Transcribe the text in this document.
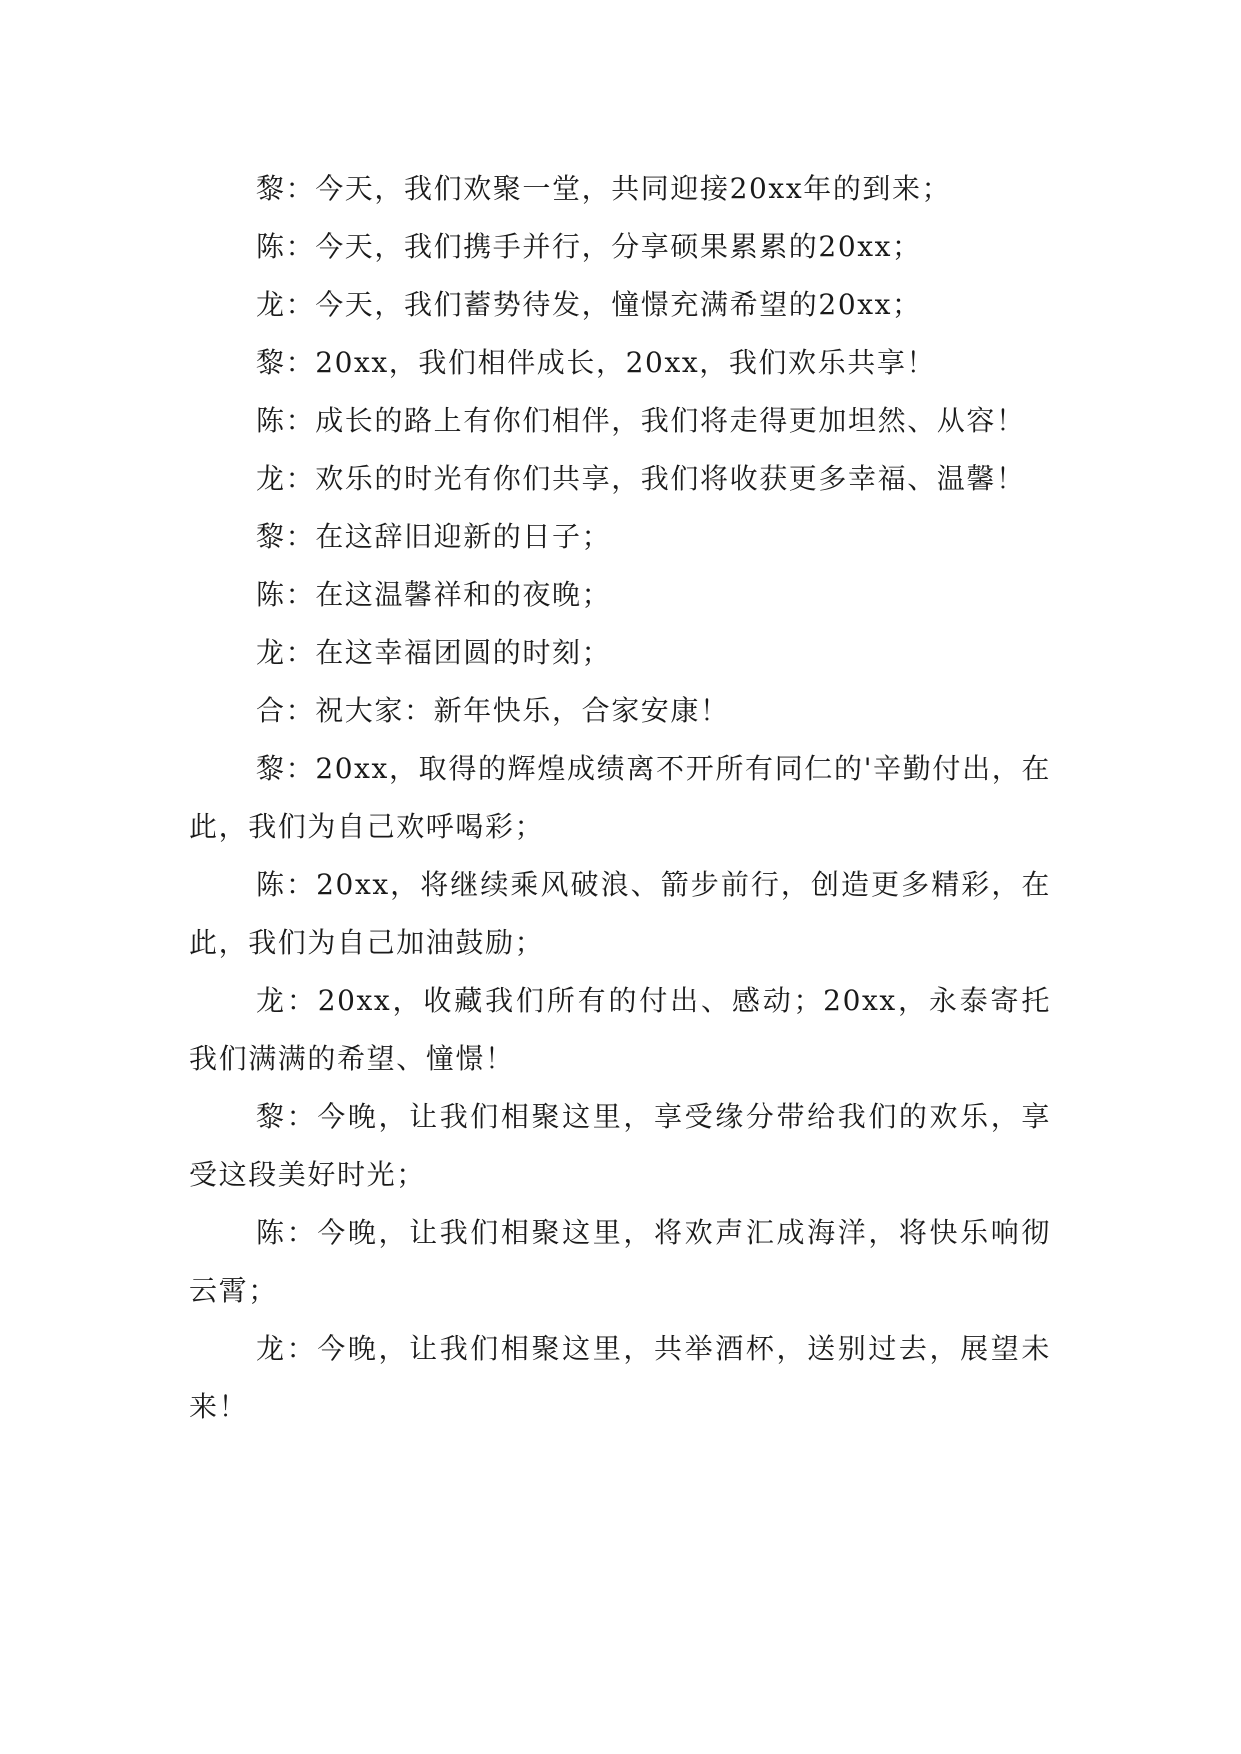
黎：今天，我们欢聚一堂，共同迎接20xx年的到来；

陈：今天，我们携手并行，分享硕果累累的20xx；

龙：今天，我们蓄势待发，憧憬充满希望的20xx；

黎：20xx，我们相伴成长，20xx，我们欢乐共享！

陈：成长的路上有你们相伴，我们将走得更加坦然、从容！

龙：欢乐的时光有你们共享，我们将收获更多幸福、温馨！

黎：在这辞旧迎新的日子；

陈：在这温馨祥和的夜晚；

龙：在这幸福团圆的时刻；

合：祝大家：新年快乐，合家安康！

黎：20xx，取得的辉煌成绩离不开所有同仁的'辛勤付出，在此，我们为自己欢呼喝彩；

陈：20xx，将继续乘风破浪、箭步前行，创造更多精彩，在此，我们为自己加油鼓励；

龙：20xx，收藏我们所有的付出、感动；20xx，永泰寄托我们满满的希望、憧憬！

黎：今晚，让我们相聚这里，享受缘分带给我们的欢乐，享受这段美好时光；

陈：今晚，让我们相聚这里，将欢声汇成海洋，将快乐响彻云霄；

龙：今晚，让我们相聚这里，共举酒杯，送别过去，展望未来！
